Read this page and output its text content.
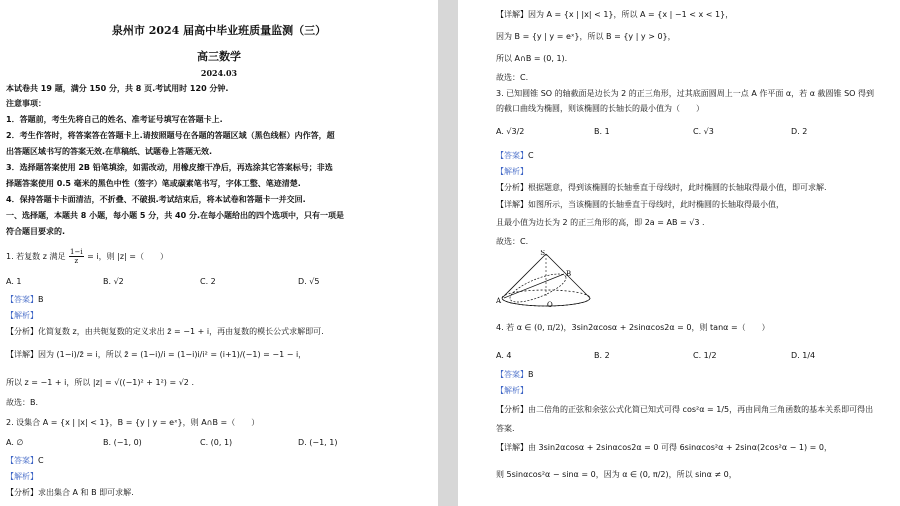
泉州市 2024 届高中毕业班质量监测（三）
高三数学
2024.03
本试卷共 19 题，满分 150 分，共 8 页.考试用时 120 分钟.
注意事项：
1．答题前，考生先将自己的姓名、准考证号填写在答题卡上.
2．考生作答时，将答案答在答题卡上.请按照题号在各题的答题区域（黑色线框）内作答，超
出答题区域书写的答案无效.在草稿纸、试题卷上答题无效.
3．选择题答案使用 2B 铅笔填涂，如需改动，用橡皮擦干净后，再选涂其它答案标号；非选
择题答案使用 0.5 毫米的黑色中性（签字）笔或碳素笔书写，字体工整、笔迹清楚.
4．保持答题卡卡面清洁，不折叠、不破损.考试结束后，将本试卷和答题卡一并交回.
一、选择题，本题共 8 小题，每小题 5 分，共 40 分.在每小题给出的四个选项中，只有一项是
符合题目要求的.
1. 若复数 z 满足 $\frac{1-i}{z} = i$，则 |z| =（　　）
A. 1	B. √2	C. 2	D. √5
【答案】B
【解析】
【分析】化简复数 z，由共轭复数的定义求出 z̄ = −1 + i，再由复数的模长公式求解即可.
【详解】因为 (1−i)/z̄ = i，所以 z̄ = (1−i)/i = (1−i)i/i² = (i+1)/(−1) = −1 − i，
所以 z = −1 + i，所以 |z| = √((−1)² + 1²) = √2 .
故选：B.
2. 设集合 A = {x | |x| < 1}，B = {y | y = eˣ}，则 A∩B =（　　）
A. ∅	B. (−1, 0)	C. (0, 1)	D. (−1, 1)
【答案】C
【解析】
【分析】求出集合 A 和 B 即可求解.
【详解】因为 A = {x | |x| < 1}，所以 A = {x | −1 < x < 1}，
因为 B = {y | y = eˣ}，所以 B = {y | y > 0}，
所以 A∩B = (0, 1).
故选：C.
3. 已知圆锥 SO 的轴截面是边长为 2 的正三角形，过其底面圆周上一点 A 作平面 α，若 α 截圆锥 SO 得到
的截口曲线为椭圆，则该椭圆的长轴长的最小值为（　　）
A. √3/2	B. 1	C. √3	D. 2
【答案】C
【解析】
【分析】根据题意，得到该椭圆的长轴垂直于母线时，此时椭圆的长轴取得最小值，即可求解.
【详解】如图所示，当该椭圆的长轴垂直于母线时，此时椭圆的长轴取得最小值，
且最小值为边长为 2 的正三角形的高，即 2a = AB = √3 .
故选：C.
S
B
O
A
4. 若 α ∈ (0, π/2)，3sin2αcosα + 2sinαcos2α = 0，则 tanα =（　　）
A. 4	B. 2	C. 1/2	D. 1/4
【答案】B
【解析】
【分析】由二倍角的正弦和余弦公式化简已知式可得 cos²α = 1/5，再由同角三角函数的基本关系即可得出
答案.
【详解】由 3sin2αcosα + 2sinαcos2α = 0 可得 6sinαcos²α + 2sinα(2cos²α − 1) = 0，
则 5sinαcos²α − sinα = 0，因为 α ∈ (0, π/2)，所以 sinα ≠ 0，
